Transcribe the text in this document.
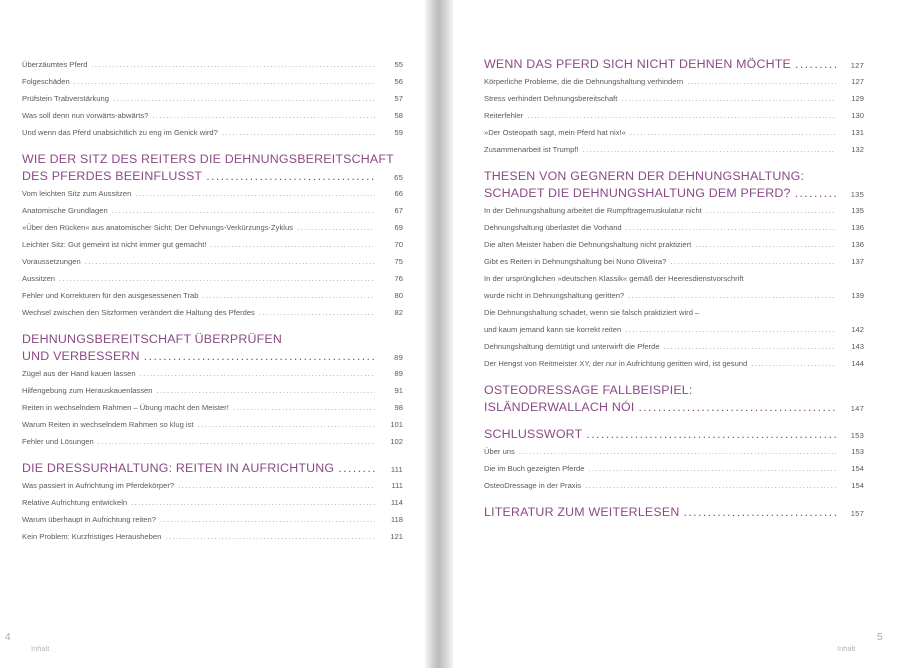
Überzäumtes Pferd .....	55
Folgeschäden .....	56
Prüfstein Trabverstärkung .....	57
Was soll denn nun vorwärts-abwärts? .....	58
Und wenn das Pferd unabsichtlich zu eng im Genick wird? .....	59
WIE DER SITZ DES REITERS DIE DEHNUNGSBEREITSCHAFT
DES PFERDES BEEINFLUSST .....	65
Vom leichten Sitz zum Aussitzen .....	66
Anatomische Grundlagen .....	67
»Über den Rücken« aus anatomischer Sicht: Der Dehnungs-Verkürzungs-Zyklus .....	69
Leichter Sitz: Gut gemeint ist nicht immer gut gemacht! .....	70
Voraussetzungen .....	75
Aussitzen .....	76
Fehler und Korrekturen für den ausgesessenen Trab .....	80
Wechsel zwischen den Sitzformen verändert die Haltung des Pferdes .....	82
DEHNUNGSBEREITSCHAFT ÜBERPRÜFEN
UND VERBESSERN .....	89
Zügel aus der Hand kauen lassen .....	89
Hilfengebung zum Herauskauenlassen .....	91
Reiten in wechselndem Rahmen – Übung macht den Meister! .....	98
Warum Reiten in wechselndem Rahmen so klug ist .....	101
Fehler und Lösungen .....	102
DIE DRESSURHALTUNG: REITEN IN AUFRICHTUNG .....	111
Was passiert in Aufrichtung im Pferdekörper? .....	111
Relative Aufrichtung entwickeln .....	114
Warum überhaupt in Aufrichtung reiten? .....	118
Kein Problem: Kurzfristiges Herausheben .....	121
4
Inhalt
WENN DAS PFERD SICH NICHT DEHNEN MÖCHTE .....	127
Körperliche Probleme, die die Dehnungshaltung verhindern .....	127
Stress verhindert Dehnungsbereitschaft .....	129
Reiterfehler .....	130
»Der Osteopath sagt, mein Pferd hat nix!« .....	131
Zusammenarbeit ist Trumpf! .....	132
THESEN VON GEGNERN DER DEHNUNGSHALTUNG:
SCHADET DIE DEHNUNGSHALTUNG DEM PFERD? .....	135
In der Dehnungshaltung arbeitet die Rumpftragemuskulatur nicht .....	135
Dehnungshaltung überlastet die Vorhand .....	136
Die alten Meister haben die Dehnungshaltung nicht praktiziert .....	136
Gibt es Reiten in Dehnungshaltung bei Nuno Oliveira? .....	137
In der ursprünglichen »deutschen Klassik« gemäß der Heeresdienstvorschrift
wurde nicht in Dehnungshaltung geritten? .....	139
Die Dehnungshaltung schadet, wenn sie falsch praktiziert wird –
und kaum jemand kann sie korrekt reiten .....	142
Dehnungshaltung demütigt und unterwirft die Pferde .....	143
Der Hengst von Reitmeister XY, der nur in Aufrichtung geritten wird, ist gesund .....	144
OSTEODRESSAGE FALLBEISPIEL:
ISLÄNDERWALLACH NÓI .....	147
SCHLUSSWORT .....	153
Über uns .....	153
Die im Buch gezeigten Pferde .....	154
OsteoDressage in der Praxis .....	154
LITERATUR ZUM WEITERLESEN .....	157
5
Inhalt
